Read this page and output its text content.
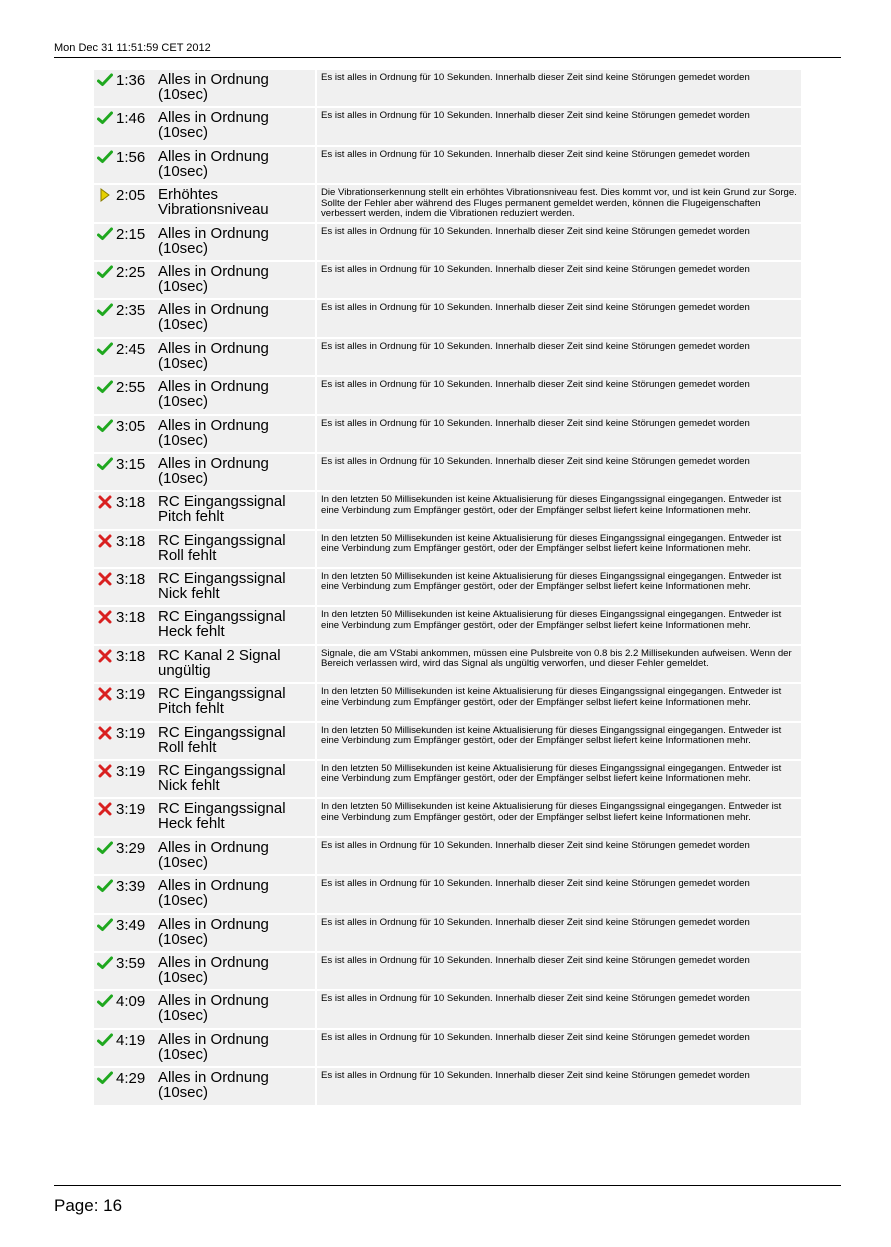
Mon Dec 31 11:51:59 CET 2012
	1:36	Alles in Ordnung (10sec)	Es ist alles in Ordnung für 10 Sekunden. Innerhalb dieser Zeit sind keine Störungen gemedet worden

	1:46	Alles in Ordnung (10sec)	Es ist alles in Ordnung für 10 Sekunden. Innerhalb dieser Zeit sind keine Störungen gemedet worden

	1:56	Alles in Ordnung (10sec)	Es ist alles in Ordnung für 10 Sekunden. Innerhalb dieser Zeit sind keine Störungen gemedet worden

	2:05	Erhöhtes Vibrationsniveau	Die Vibrationserkennung stellt ein erhöhtes Vibrationsniveau fest. Dies kommt vor, und ist kein Grund zur Sorge. Sollte der Fehler aber während des Fluges permanent gemeldet werden, können die Flugeigenschaften verbessert werden, indem die Vibrationen reduziert werden.

	2:15	Alles in Ordnung (10sec)	Es ist alles in Ordnung für 10 Sekunden. Innerhalb dieser Zeit sind keine Störungen gemedet worden

	2:25	Alles in Ordnung (10sec)	Es ist alles in Ordnung für 10 Sekunden. Innerhalb dieser Zeit sind keine Störungen gemedet worden

	2:35	Alles in Ordnung (10sec)	Es ist alles in Ordnung für 10 Sekunden. Innerhalb dieser Zeit sind keine Störungen gemedet worden

	2:45	Alles in Ordnung (10sec)	Es ist alles in Ordnung für 10 Sekunden. Innerhalb dieser Zeit sind keine Störungen gemedet worden

	2:55	Alles in Ordnung (10sec)	Es ist alles in Ordnung für 10 Sekunden. Innerhalb dieser Zeit sind keine Störungen gemedet worden

	3:05	Alles in Ordnung (10sec)	Es ist alles in Ordnung für 10 Sekunden. Innerhalb dieser Zeit sind keine Störungen gemedet worden

	3:15	Alles in Ordnung (10sec)	Es ist alles in Ordnung für 10 Sekunden. Innerhalb dieser Zeit sind keine Störungen gemedet worden

	3:18	RC Eingangssignal Pitch fehlt	In den letzten 50 Millisekunden ist keine Aktualisierung für dieses Eingangssignal eingegangen. Entweder ist eine Verbindung zum Empfänger gestört, oder der Empfänger selbst liefert keine Informationen mehr.

	3:18	RC Eingangssignal Roll fehlt	In den letzten 50 Millisekunden ist keine Aktualisierung für dieses Eingangssignal eingegangen. Entweder ist eine Verbindung zum Empfänger gestört, oder der Empfänger selbst liefert keine Informationen mehr.

	3:18	RC Eingangssignal Nick fehlt	In den letzten 50 Millisekunden ist keine Aktualisierung für dieses Eingangssignal eingegangen. Entweder ist eine Verbindung zum Empfänger gestört, oder der Empfänger selbst liefert keine Informationen mehr.

	3:18	RC Eingangssignal Heck fehlt	In den letzten 50 Millisekunden ist keine Aktualisierung für dieses Eingangssignal eingegangen. Entweder ist eine Verbindung zum Empfänger gestört, oder der Empfänger selbst liefert keine Informationen mehr.

	3:18	RC Kanal 2 Signal ungültig	Signale, die am VStabi ankommen, müssen eine Pulsbreite von 0.8 bis 2.2 Millisekunden aufweisen. Wenn der Bereich verlassen wird, wird das Signal als ungültig verworfen, und dieser Fehler gemeldet.

	3:19	RC Eingangssignal Pitch fehlt	In den letzten 50 Millisekunden ist keine Aktualisierung für dieses Eingangssignal eingegangen. Entweder ist eine Verbindung zum Empfänger gestört, oder der Empfänger selbst liefert keine Informationen mehr.

	3:19	RC Eingangssignal Roll fehlt	In den letzten 50 Millisekunden ist keine Aktualisierung für dieses Eingangssignal eingegangen. Entweder ist eine Verbindung zum Empfänger gestört, oder der Empfänger selbst liefert keine Informationen mehr.

	3:19	RC Eingangssignal Nick fehlt	In den letzten 50 Millisekunden ist keine Aktualisierung für dieses Eingangssignal eingegangen. Entweder ist eine Verbindung zum Empfänger gestört, oder der Empfänger selbst liefert keine Informationen mehr.

	3:19	RC Eingangssignal Heck fehlt	In den letzten 50 Millisekunden ist keine Aktualisierung für dieses Eingangssignal eingegangen. Entweder ist eine Verbindung zum Empfänger gestört, oder der Empfänger selbst liefert keine Informationen mehr.

	3:29	Alles in Ordnung (10sec)	Es ist alles in Ordnung für 10 Sekunden. Innerhalb dieser Zeit sind keine Störungen gemedet worden

	3:39	Alles in Ordnung (10sec)	Es ist alles in Ordnung für 10 Sekunden. Innerhalb dieser Zeit sind keine Störungen gemedet worden

	3:49	Alles in Ordnung (10sec)	Es ist alles in Ordnung für 10 Sekunden. Innerhalb dieser Zeit sind keine Störungen gemedet worden

	3:59	Alles in Ordnung (10sec)	Es ist alles in Ordnung für 10 Sekunden. Innerhalb dieser Zeit sind keine Störungen gemedet worden

	4:09	Alles in Ordnung (10sec)	Es ist alles in Ordnung für 10 Sekunden. Innerhalb dieser Zeit sind keine Störungen gemedet worden

	4:19	Alles in Ordnung (10sec)	Es ist alles in Ordnung für 10 Sekunden. Innerhalb dieser Zeit sind keine Störungen gemedet worden

	4:29	Alles in Ordnung (10sec)	Es ist alles in Ordnung für 10 Sekunden. Innerhalb dieser Zeit sind keine Störungen gemedet worden
Page: 16
